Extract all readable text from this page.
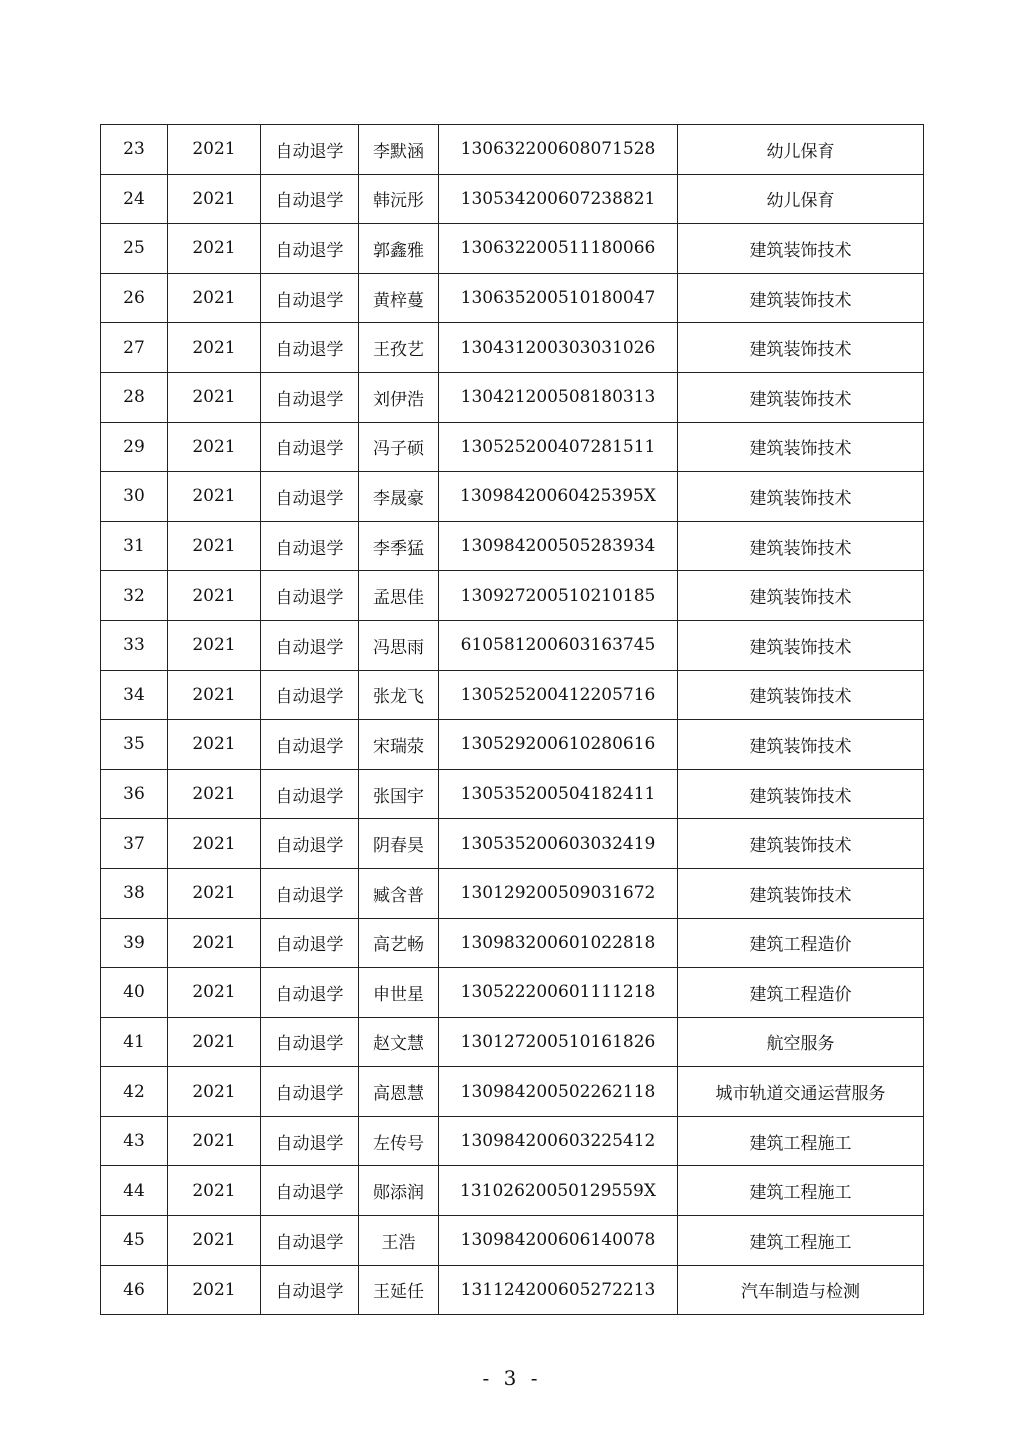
23	2021	自动退学	李默涵	130632200608071528	幼儿保育
24	2021	自动退学	韩沅彤	130534200607238821	幼儿保育
25	2021	自动退学	郭鑫雅	130632200511180066	建筑装饰技术
26	2021	自动退学	黄梓蔓	130635200510180047	建筑装饰技术
27	2021	自动退学	王孜艺	130431200303031026	建筑装饰技术
28	2021	自动退学	刘伊浩	130421200508180313	建筑装饰技术
29	2021	自动退学	冯子硕	130525200407281511	建筑装饰技术
30	2021	自动退学	李晟豪	13098420060425395X	建筑装饰技术
31	2021	自动退学	李季猛	130984200505283934	建筑装饰技术
32	2021	自动退学	孟思佳	130927200510210185	建筑装饰技术
33	2021	自动退学	冯思雨	610581200603163745	建筑装饰技术
34	2021	自动退学	张龙飞	130525200412205716	建筑装饰技术
35	2021	自动退学	宋瑞荥	130529200610280616	建筑装饰技术
36	2021	自动退学	张国宇	130535200504182411	建筑装饰技术
37	2021	自动退学	阴春昊	130535200603032419	建筑装饰技术
38	2021	自动退学	臧含普	130129200509031672	建筑装饰技术
39	2021	自动退学	高艺畅	130983200601022818	建筑工程造价
40	2021	自动退学	申世星	130522200601111218	建筑工程造价
41	2021	自动退学	赵文慧	130127200510161826	航空服务
42	2021	自动退学	高恩慧	130984200502262118	城市轨道交通运营服务
43	2021	自动退学	左传号	130984200603225412	建筑工程施工
44	2021	自动退学	郧添润	13102620050129559X	建筑工程施工
45	2021	自动退学	王浩	130984200606140078	建筑工程施工
46	2021	自动退学	王延任	131124200605272213	汽车制造与检测
- 3 -
